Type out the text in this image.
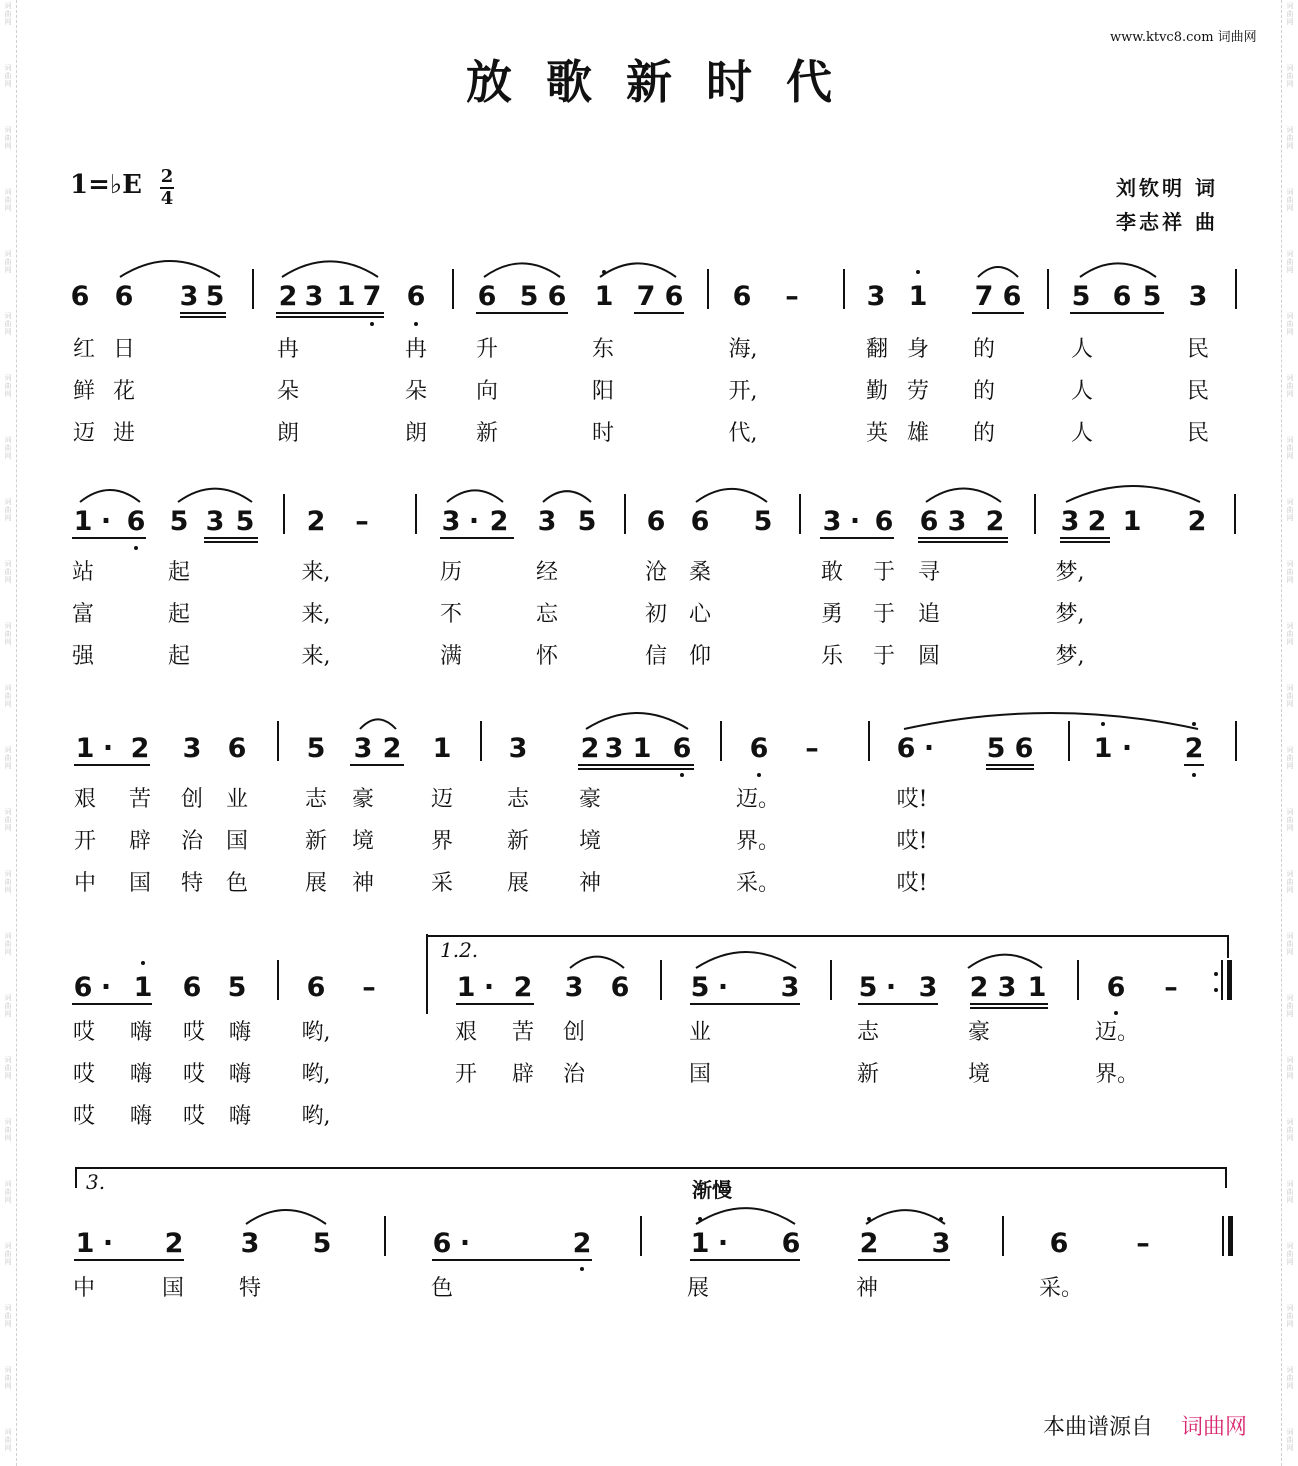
词曲网
词曲网
词曲网
词曲网
词曲网
词曲网
词曲网
词曲网
词曲网
词曲网
词曲网
词曲网
词曲网
词曲网
词曲网
词曲网
词曲网
词曲网
词曲网
词曲网
词曲网
词曲网
词曲网
词曲网
词曲网
词曲网
词曲网
词曲网
词曲网
词曲网
词曲网
词曲网
词曲网
词曲网
词曲网
词曲网
词曲网
词曲网
词曲网
词曲网
词曲网
词曲网
词曲网
词曲网
词曲网
词曲网
词曲网
词曲网
放歌新时代
www.ktvc8.com 词曲网
1=♭E 2
4	刘钦明 词
李志祥 曲
6 6 3 5 2 3 1 7 6 6 5 6 1 7 6 6 –	3 1 7 6 5 6 5 3
红 日	冉	冉 升	东	海,	翻 身 的	人	民
鲜 花	朵	朵 向	阳	开,	勤 劳 的	人	民
迈 进	朗	朗 新	时	代,	英 雄 的	人	民
1 · 6 5 3 5 2 –	3 · 2 3 5 6 6 5 3 · 6 6 3 2 3 2 1 2
站	起	来,	历	经	沧 桑	敢 于 寻	梦,
富	起	来,	不	忘	初 心	勇 于 追	梦,
强	起	来,	满	怀	信 仰	乐 于 圆	梦,
1 · 2 3 6 5 3 2 1 3 2 3 1 6 6 –	6 · 5 6 1 · 2
艰 苦 创 业	志 豪	迈 志 豪	迈。	哎!
开 辟 治 国	新 境	界 新 境	界。	哎!
中 国 特 色	展 神	采 展 神	采。	哎!
6 · 1 6 5 6 –	1 · 2 3 6 5 · 3 5 · 3 2 3 1 6 –
哎 嗨 哎 嗨 哟,	艰 苦 创	业	志	豪	迈。
哎 嗨 哎 嗨 哟,	开 辟 治	国	新	境	界。
哎 嗨 哎 嗨 哟,
1 · 2 3 5	6 ·	2	1 · 6 2 3	6	–
中	国 特	色	展	神	采。
1.2.
3.	渐慢
本曲谱源自 词曲网
